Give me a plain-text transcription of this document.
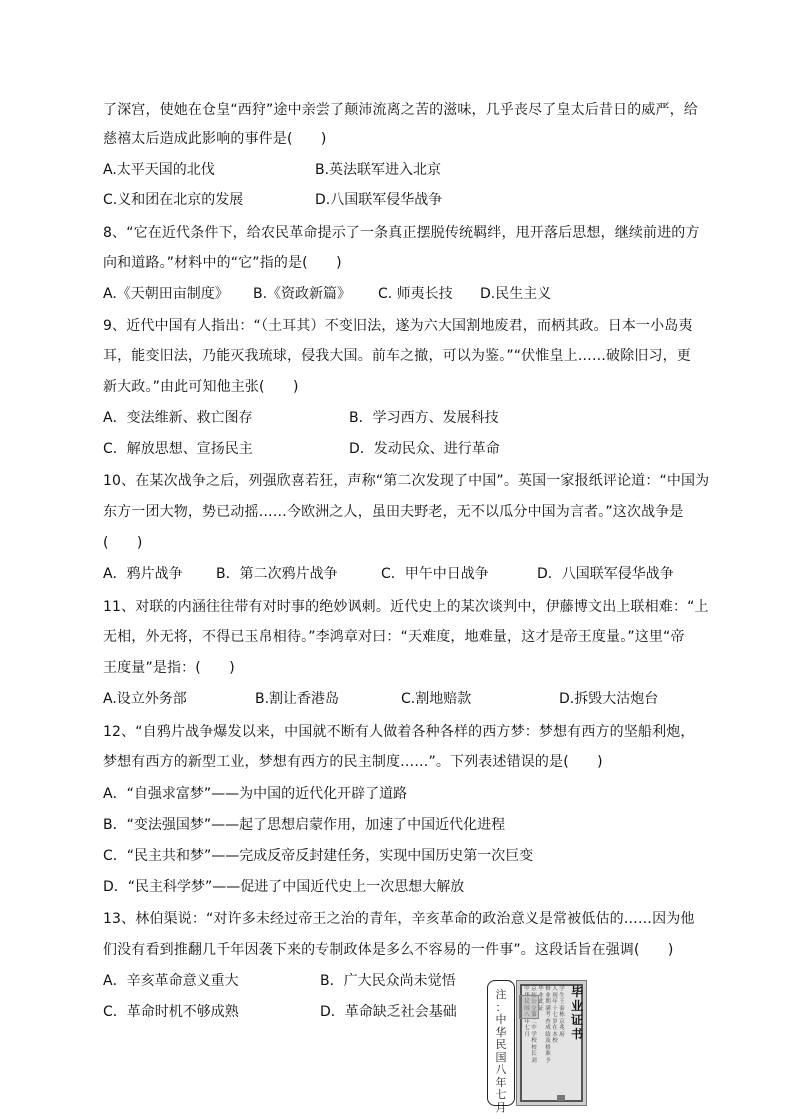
了深宫，使她在仓皇“西狩”途中亲尝了颠沛流离之苦的滋味，几乎丧尽了皇太后昔日的威严，给

慈禧太后造成此影响的事件是(　　)

A.太平天国的北伐	B.英法联军进入北京
C.义和团在北京的发展	D.八国联军侵华战争

8、“它在近代条件下，给农民革命提示了一条真正摆脱传统羁绊，甩开落后思想，继续前进的方

向和道路。”材料中的“它”指的是(　　)

A.《天朝田亩制度》	B.《资政新篇》	C. 师夷长技	D.民生主义

9、近代中国有人指出：“（土耳其）不变旧法，遂为六大国割地废君，而柄其政。日本一小岛夷

耳，能变旧法，乃能灭我琉球，侵我大国。前车之撤，可以为鉴。”“伏惟皇上……破除旧习，更

新大政。”由此可知他主张(　　)

A．变法维新、救亡图存	B．学习西方、发展科技
C．解放思想、宣扬民主	D．发动民众、进行革命

10、在某次战争之后，列强欣喜若狂，声称“第二次发现了中国”。英国一家报纸评论道：“中国为

东方一团大物，势已动摇……今欧洲之人，虽田夫野老，无不以瓜分中国为言者。”这次战争是

(　　)

A．鸦片战争	B．第二次鸦片战争	C．甲午中日战争	D．八国联军侵华战争

11、对联的内涵往往带有对时事的绝妙讽刺。近代史上的某次谈判中，伊藤博文出上联相难：“上

无相，外无将，不得已玉帛相待。”李鸿章对曰：“天难度，地难量，这才是帝王度量。”这里“帝

王度量”是指：(　　)

A.设立外务部	B.割让香港岛	C.割地赔款	D.拆毁大沽炮台

12、“自鸦片战争爆发以来，中国就不断有人做着各种各样的西方梦：梦想有西方的坚船利炮，

梦想有西方的新型工业，梦想有西方的民主制度……”。下列表述错误的是(　　)

A．“自强求富梦”——为中国的近代化开辟了道路

B．“变法强国梦”——起了思想启蒙作用，加速了中国近代化进程

C．“民主共和梦”——完成反帝反封建任务，实现中国历史第一次巨变

D．“民主科学梦”——促进了中国近代史上一次思想大解放

13、林伯渠说：“对许多未经过帝王之治的青年，辛亥革命的政治意义是常被低估的……因为他

们没有看到推翻几千年因袭下来的专制政体是多么不容易的一件事”。这段话旨在强调(　　)

A．辛亥革命意义重大	B．广大民众尚未觉悟
C．革命时机不够成熟	D．革命缺乏社会基础
注
：
中
华
民
国
八
年
七
月
毕
业
证
书
学
生
王
泰
栋
京
兆
府
人
现
年
十
七
岁
在
本
校
修
业
期
满
考
查
成
绩
及
格
准
予
毕
业
此
证
京
师
公
立
第
二
中
学
校
校
长
刘
中
华
民
国
八
年
七
月
